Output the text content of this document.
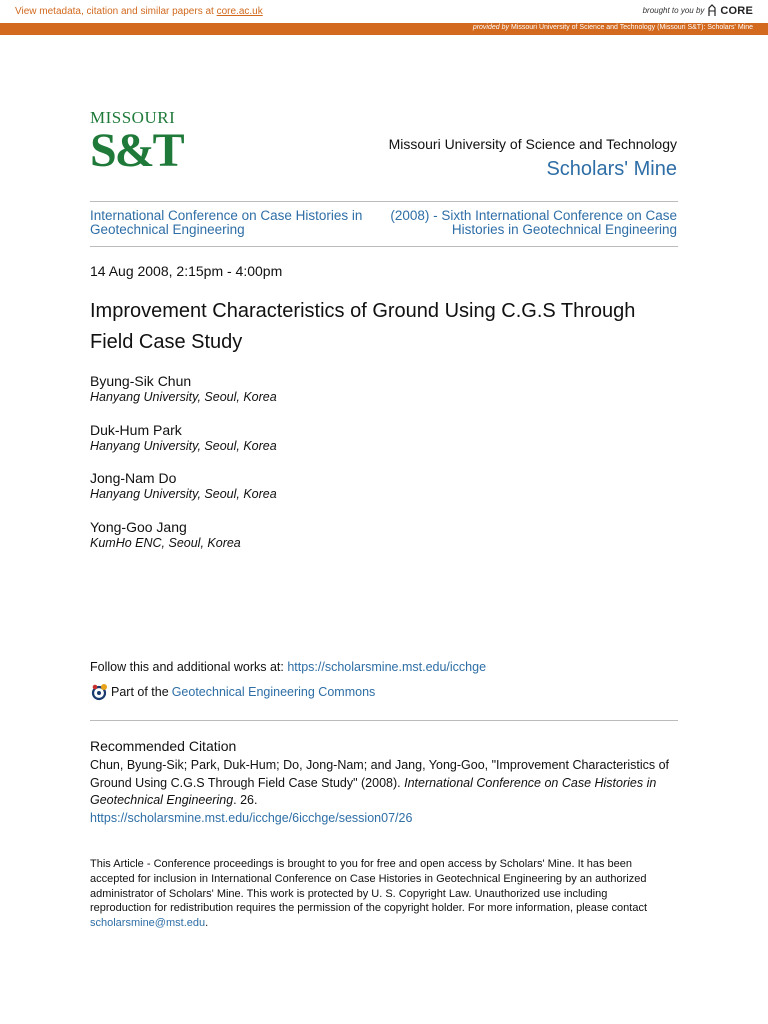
View metadata, citation and similar papers at core.ac.uk	brought to you by CORE
provided by Missouri University of Science and Technology (Missouri S&T): Scholars' Mine
MISSOURI
S&T	Missouri University of Science and Technology
Scholars' Mine
International Conference on Case Histories in Geotechnical Engineering
(2008) - Sixth International Conference on Case Histories in Geotechnical Engineering
14 Aug 2008, 2:15pm - 4:00pm
Improvement Characteristics of Ground Using C.G.S Through Field Case Study
Byung-Sik Chun
Hanyang University, Seoul, Korea
Duk-Hum Park
Hanyang University, Seoul, Korea
Jong-Nam Do
Hanyang University, Seoul, Korea
Yong-Goo Jang
KumHo ENC, Seoul, Korea
Follow this and additional works at: https://scholarsmine.mst.edu/icchge
Part of the Geotechnical Engineering Commons
Recommended Citation
Chun, Byung-Sik; Park, Duk-Hum; Do, Jong-Nam; and Jang, Yong-Goo, "Improvement Characteristics of Ground Using C.G.S Through Field Case Study" (2008). International Conference on Case Histories in Geotechnical Engineering. 26.
https://scholarsmine.mst.edu/icchge/6icchge/session07/26
This Article - Conference proceedings is brought to you for free and open access by Scholars' Mine. It has been accepted for inclusion in International Conference on Case Histories in Geotechnical Engineering by an authorized administrator of Scholars' Mine. This work is protected by U. S. Copyright Law. Unauthorized use including reproduction for redistribution requires the permission of the copyright holder. For more information, please contact scholarsmine@mst.edu.
